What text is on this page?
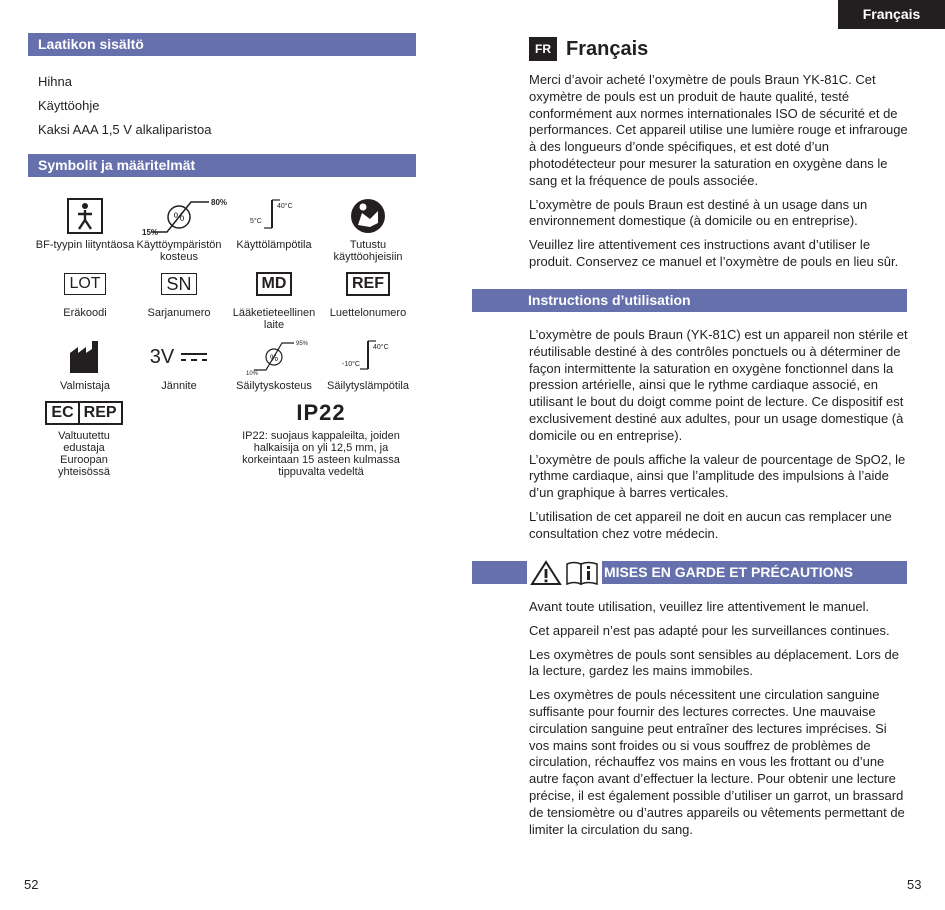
Français
Laatikon sisältö
Hihna
Käyttöohje
Kaksi AAA 1,5 V alkaliparistoa
Symbolit ja määritelmät
BF-tyypin liityntäosa
%
80%
15%
Käyttöympäristön kosteus
5°C
40°C
Käyttölämpötila	Tutustu käyttöohjeisiin
LOT
Eräkoodi
SN
Sarjanumero
MD
Lääketieteellinen laite
REF
Luettelonumero
Valmistaja
3V
Jännite
%
95%
10%
Säilytyskosteus
-10°C
40°C
Säilytyslämpötila
EC REP
Valtuutettu edustaja Euroopan yhteisössä
IP22
IP22: suojaus kappaleilta, joiden halkaisija on yli 12,5 mm, ja korkeintaan 15 asteen kulmassa tippuvalta vedeltä
52
FR Français

Merci d’avoir acheté l’oxymètre de pouls Braun YK-81C. Cet oxymètre de pouls est un produit de haute qualité, testé conformément aux normes internationales ISO de sécurité et de performances. Cet appareil utilise une lumière rouge et infrarouge à des longueurs d’onde spécifiques, et est doté d’un photodétecteur pour mesurer la saturation en oxygène dans le sang et la fréquence de pouls associée.

L’oxymètre de pouls Braun est destiné à un usage dans un environnement domestique (à domicile ou en entreprise).

Veuillez lire attentivement ces instructions avant d’utiliser le produit. Conservez ce manuel et l’oxymètre de pouls en lieu sûr.

Instructions d’utilisation

L’oxymètre de pouls Braun (YK-81C) est un appareil non stérile et réutilisable destiné à des contrôles ponctuels ou à déterminer de façon intermittente la saturation en oxygène fonctionnel dans la pression artérielle, ainsi que le rythme cardiaque associé, en utilisant le bout du doigt comme point de lecture. Ce dispositif est exclusivement destiné aux adultes, pour un usage domestique (à domicile ou en entreprise).

L’oxymètre de pouls affiche la valeur de pourcentage de SpO2, le rythme cardiaque, ainsi que l’amplitude des impulsions à l’aide d’un graphique à barres verticales.

L’utilisation de cet appareil ne doit en aucun cas remplacer une consultation chez votre médecin.

MISES EN GARDE ET PRÉCAUTIONS

Avant toute utilisation, veuillez lire attentivement le manuel.

Cet appareil n’est pas adapté pour les surveillances continues.

Les oxymètres de pouls sont sensibles au déplacement. Lors de la lecture, gardez les mains immobiles.

Les oxymètres de pouls nécessitent une circulation sanguine suffisante pour fournir des lectures correctes. Une mauvaise circulation sanguine peut entraîner des lectures imprécises. Si vos mains sont froides ou si vous souffrez de problèmes de circulation, réchauffez vos mains en vous les frottant ou d’une autre façon avant d’effectuer la lecture. Pour obtenir une lecture précise, il est également possible d’utiliser un garrot, un brassard de tensiomètre ou d’autres appareils ou vêtements permettant de limiter la circulation du sang.

53
